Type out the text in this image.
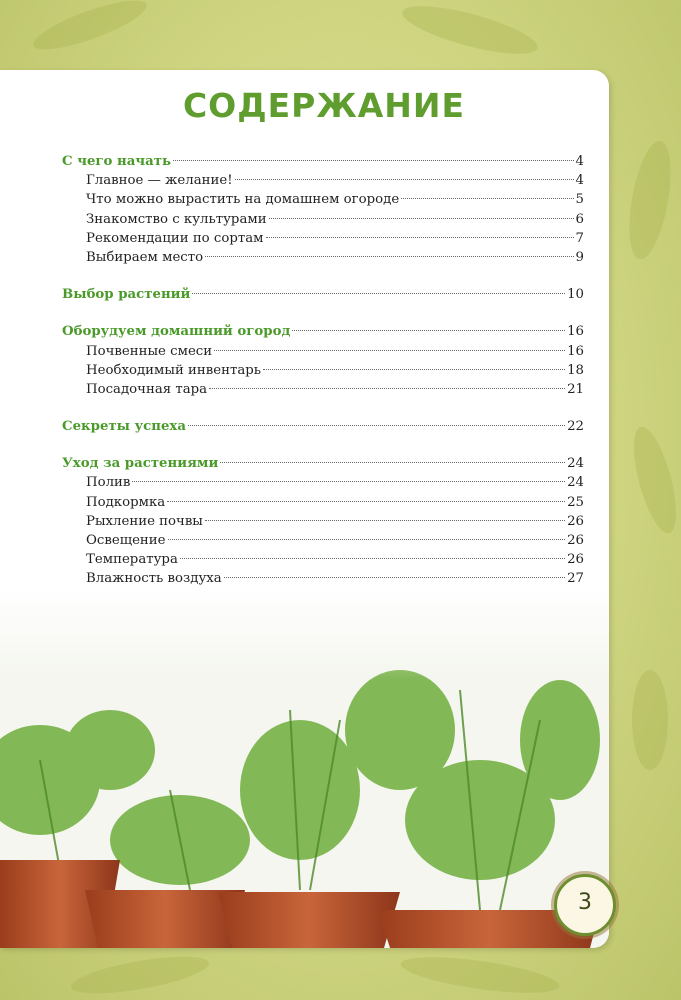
СОДЕРЖАНИЕ
С чего начать	4
Главное — желание!	4
Что можно вырастить на домашнем огороде	5
Знакомство с культурами	6
Рекомендации по сортам	7
Выбираем место	9
Выбор растений	10
Оборудуем домашний огород	16
Почвенные смеси	16
Необходимый инвентарь	18
Посадочная тара	21
Секреты успеха	22
Уход за растениями	24
Полив	24
Подкормка	25
Рыхление почвы	26
Освещение	26
Температура	26
Влажность воздуха	27
3
